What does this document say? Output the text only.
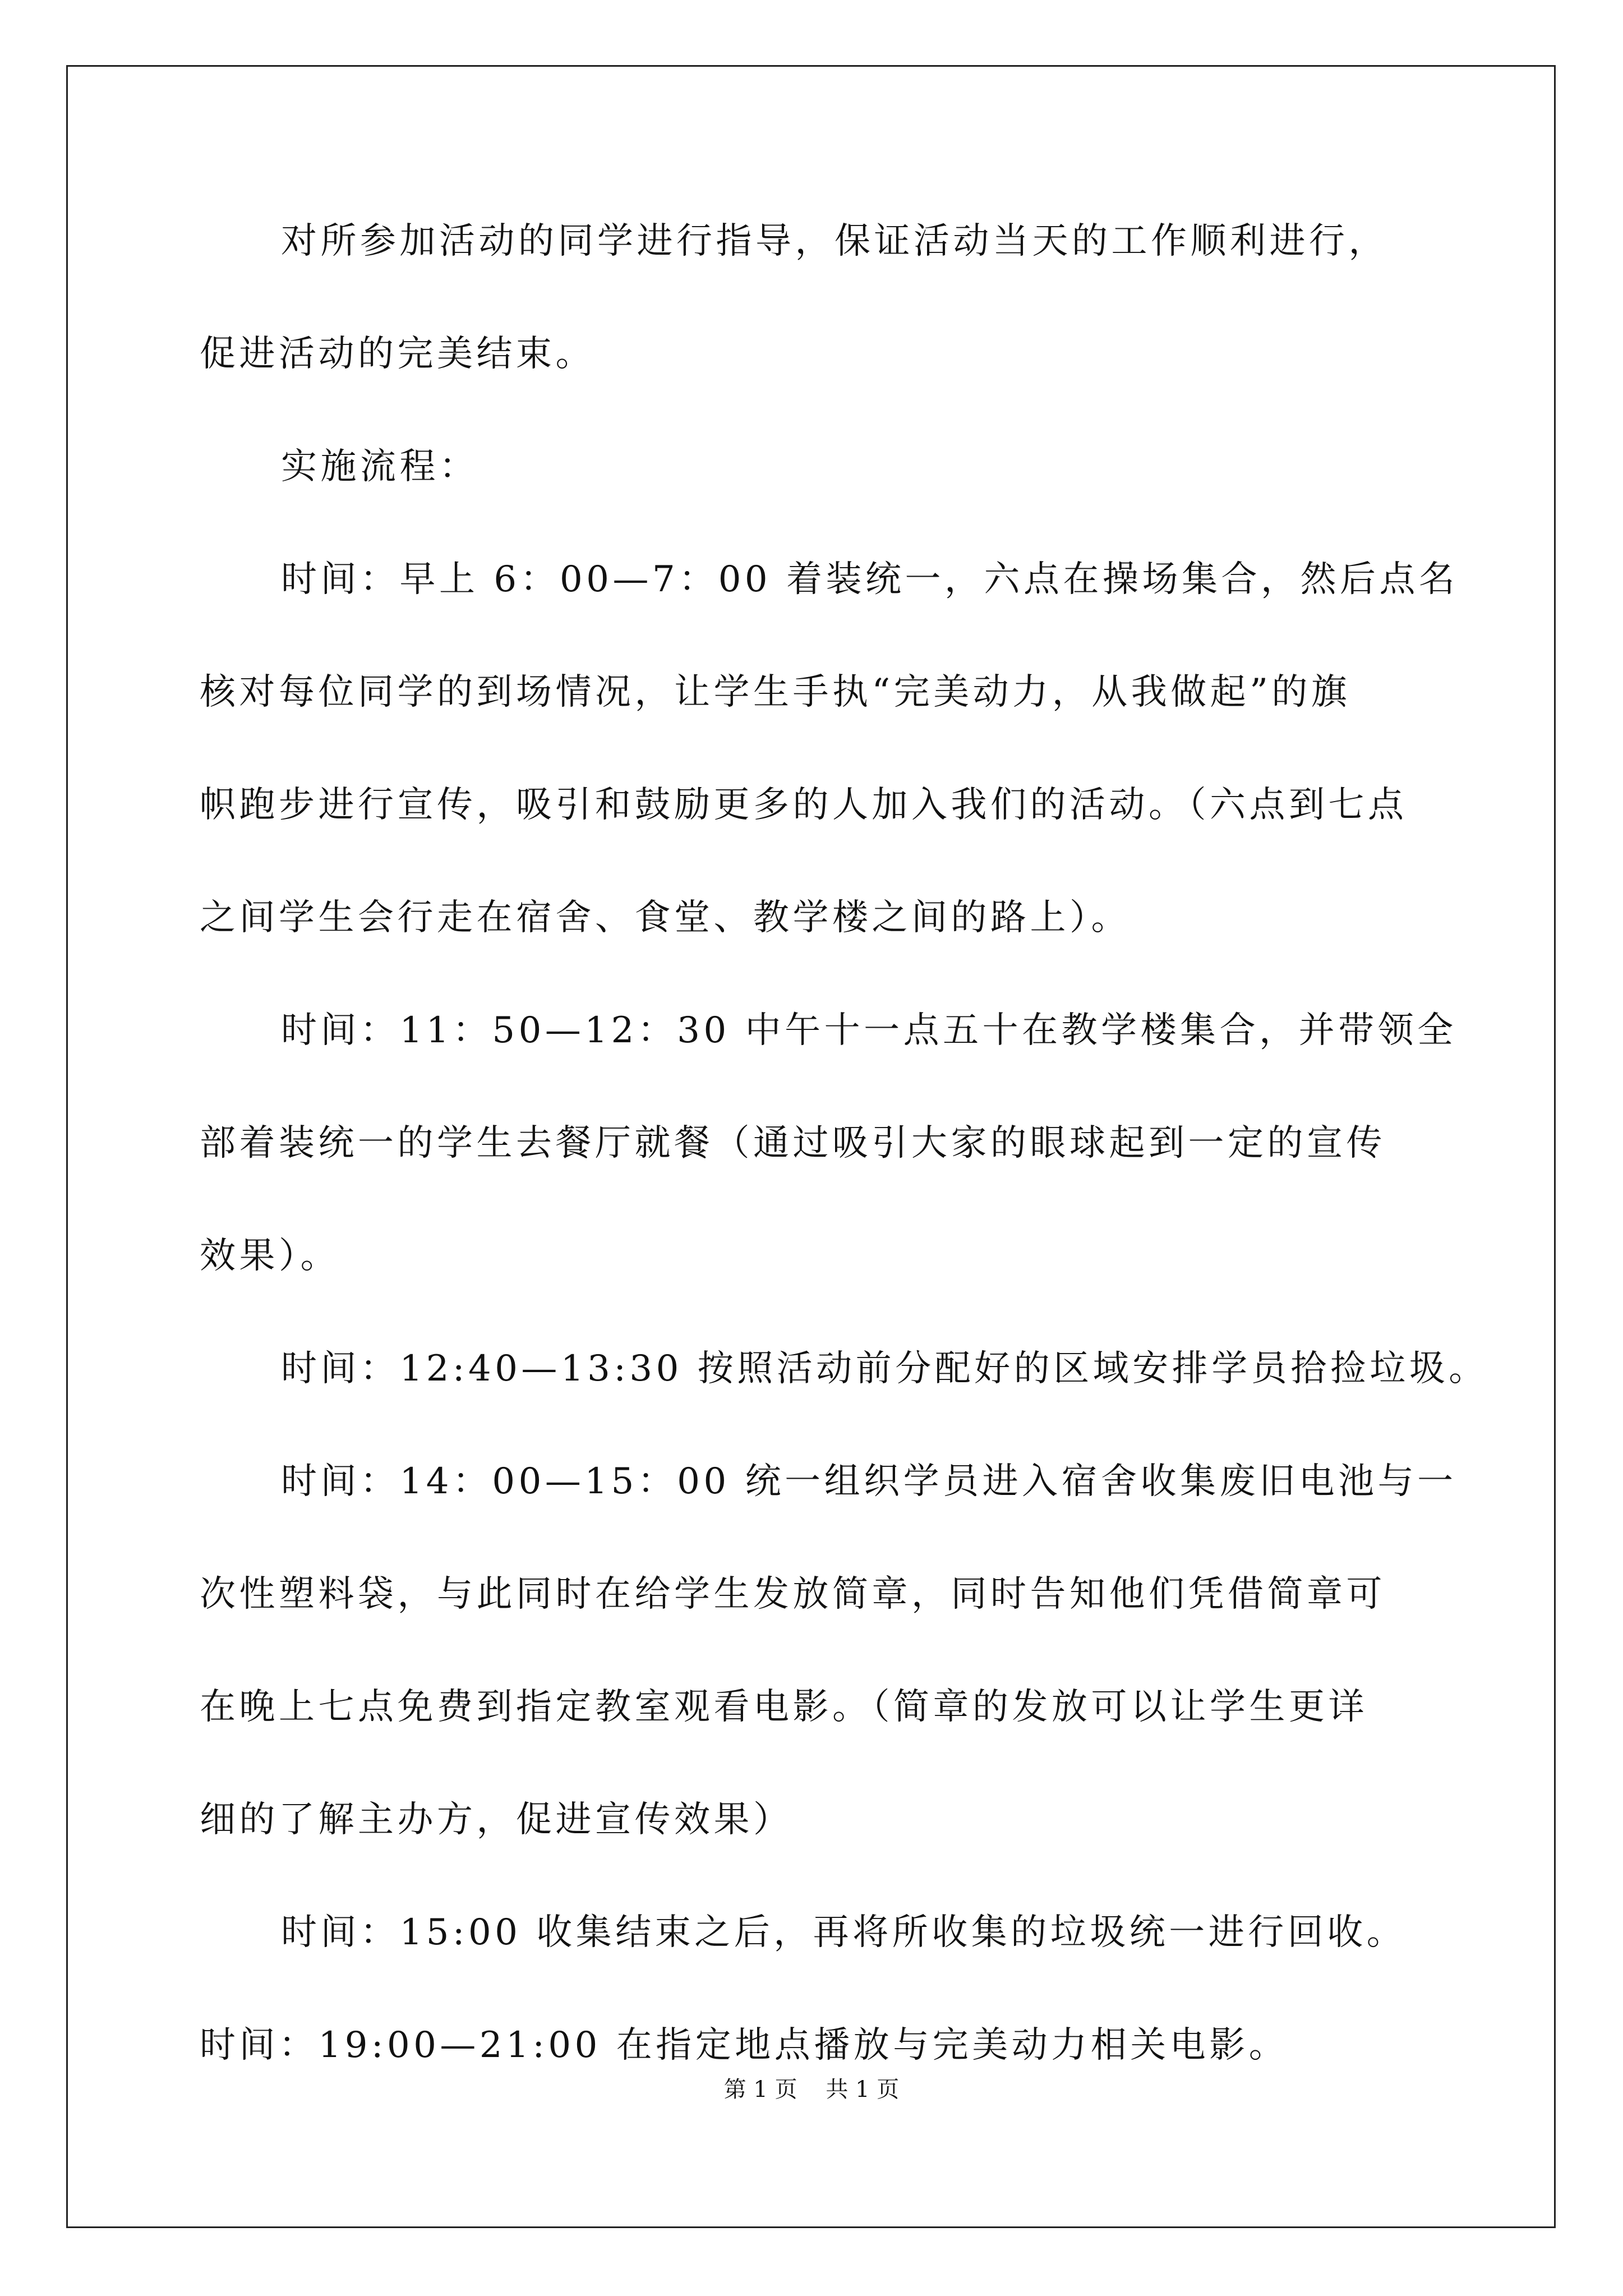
对所参加活动的同学进行指导，保证活动当天的工作顺利进行，
促进活动的完美结束。
实施流程：
时间：早上 6：00—7：00 着装统一，六点在操场集合，然后点名
核对每位同学的到场情况，让学生手执“完美动力，从我做起”的旗
帜跑步进行宣传，吸引和鼓励更多的人加入我们的活动。（六点到七点
之间学生会行走在宿舍、食堂、教学楼之间的路上）。
时间：11：50—12：30 中午十一点五十在教学楼集合，并带领全
部着装统一的学生去餐厅就餐（通过吸引大家的眼球起到一定的宣传
效果）。
时间：12:40—13:30 按照活动前分配好的区域安排学员拾捡垃圾。
时间：14：00—15：00 统一组织学员进入宿舍收集废旧电池与一
次性塑料袋，与此同时在给学生发放简章，同时告知他们凭借简章可
在晚上七点免费到指定教室观看电影。（简章的发放可以让学生更详
细的了解主办方，促进宣传效果）
时间：15:00 收集结束之后，再将所收集的垃圾统一进行回收。
时间：19:00—21:00 在指定地点播放与完美动力相关电影。
第 1 页    共 1 页
